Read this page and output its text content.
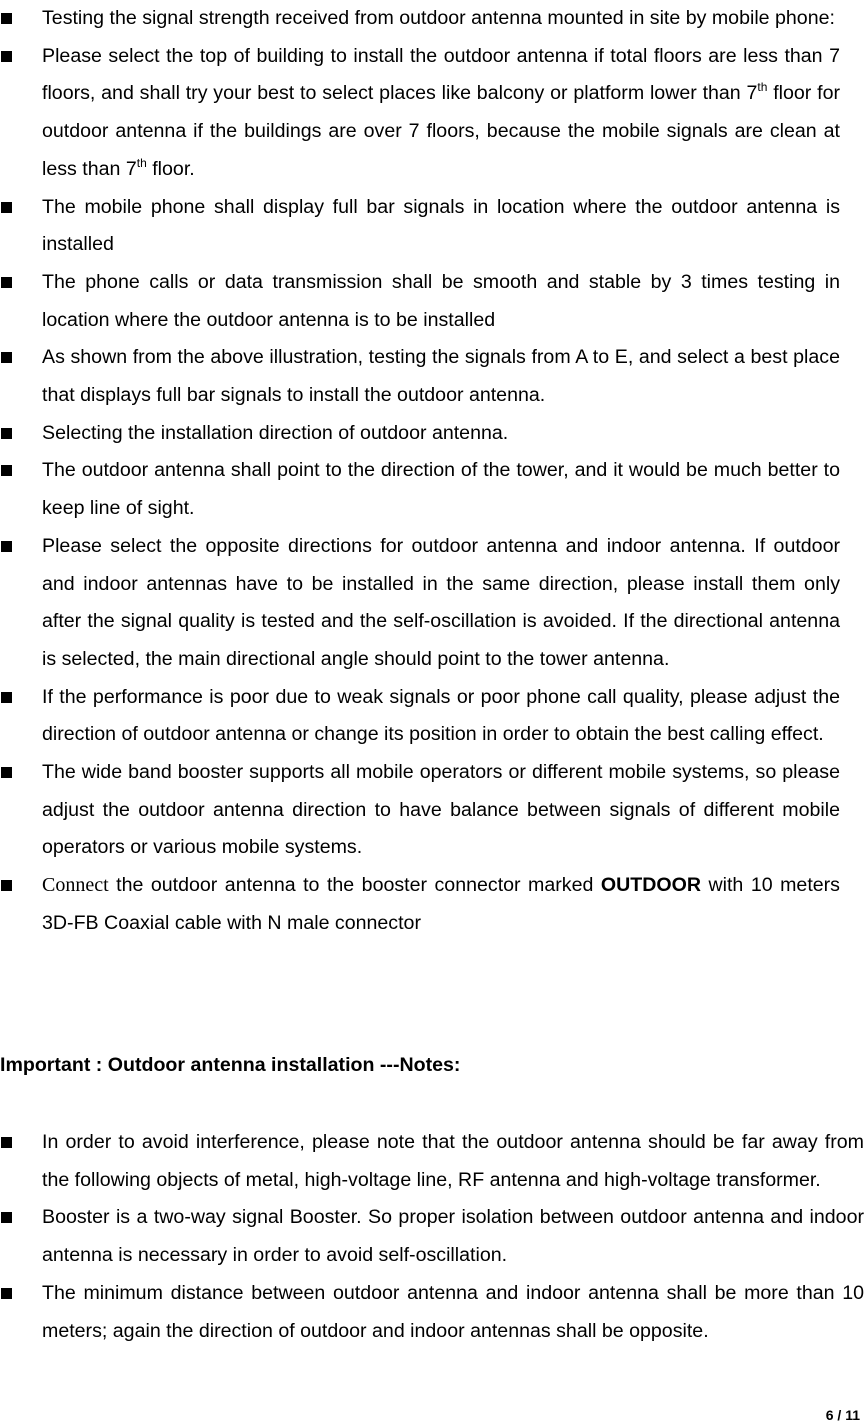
Testing the signal strength received from outdoor antenna mounted in site by mobile phone:
Please select the top of building to install the outdoor antenna if total floors are less than 7 floors, and shall try your best to select places like balcony or platform lower than 7th floor for outdoor antenna if the buildings are over 7 floors, because the mobile signals are clean at less than 7th floor.
The mobile phone shall display full bar signals in location where the outdoor antenna is installed
The phone calls or data transmission shall be smooth and stable by 3 times testing in location where the outdoor antenna is to be installed
As shown from the above illustration, testing the signals from A to E, and select a best place that displays full bar signals to install the outdoor antenna.
Selecting the installation direction of outdoor antenna.
The outdoor antenna shall point to the direction of the tower, and it would be much better to keep line of sight.
Please select the opposite directions for outdoor antenna and indoor antenna. If outdoor and indoor antennas have to be installed in the same direction, please install them only after the signal quality is tested and the self-oscillation is avoided. If the directional antenna is selected, the main directional angle should point to the tower antenna.
If the performance is poor due to weak signals or poor phone call quality, please adjust the direction of outdoor antenna or change its position in order to obtain the best calling effect.
The wide band booster supports all mobile operators or different mobile systems, so please adjust the outdoor antenna direction to have balance between signals of different mobile operators or various mobile systems.
Connect the outdoor antenna to the booster connector marked OUTDOOR with 10 meters 3D-FB Coaxial cable with N male connector
Important : Outdoor antenna installation ---Notes:
In order to avoid interference, please note that the outdoor antenna should be far away from the following objects of metal, high-voltage line, RF antenna and high-voltage transformer.
Booster is a two-way signal Booster. So proper isolation between outdoor antenna and indoor antenna is necessary in order to avoid self-oscillation.
The minimum distance between outdoor antenna and indoor antenna shall be more than 10 meters; again the direction of outdoor and indoor antennas shall be opposite.
6 / 11
